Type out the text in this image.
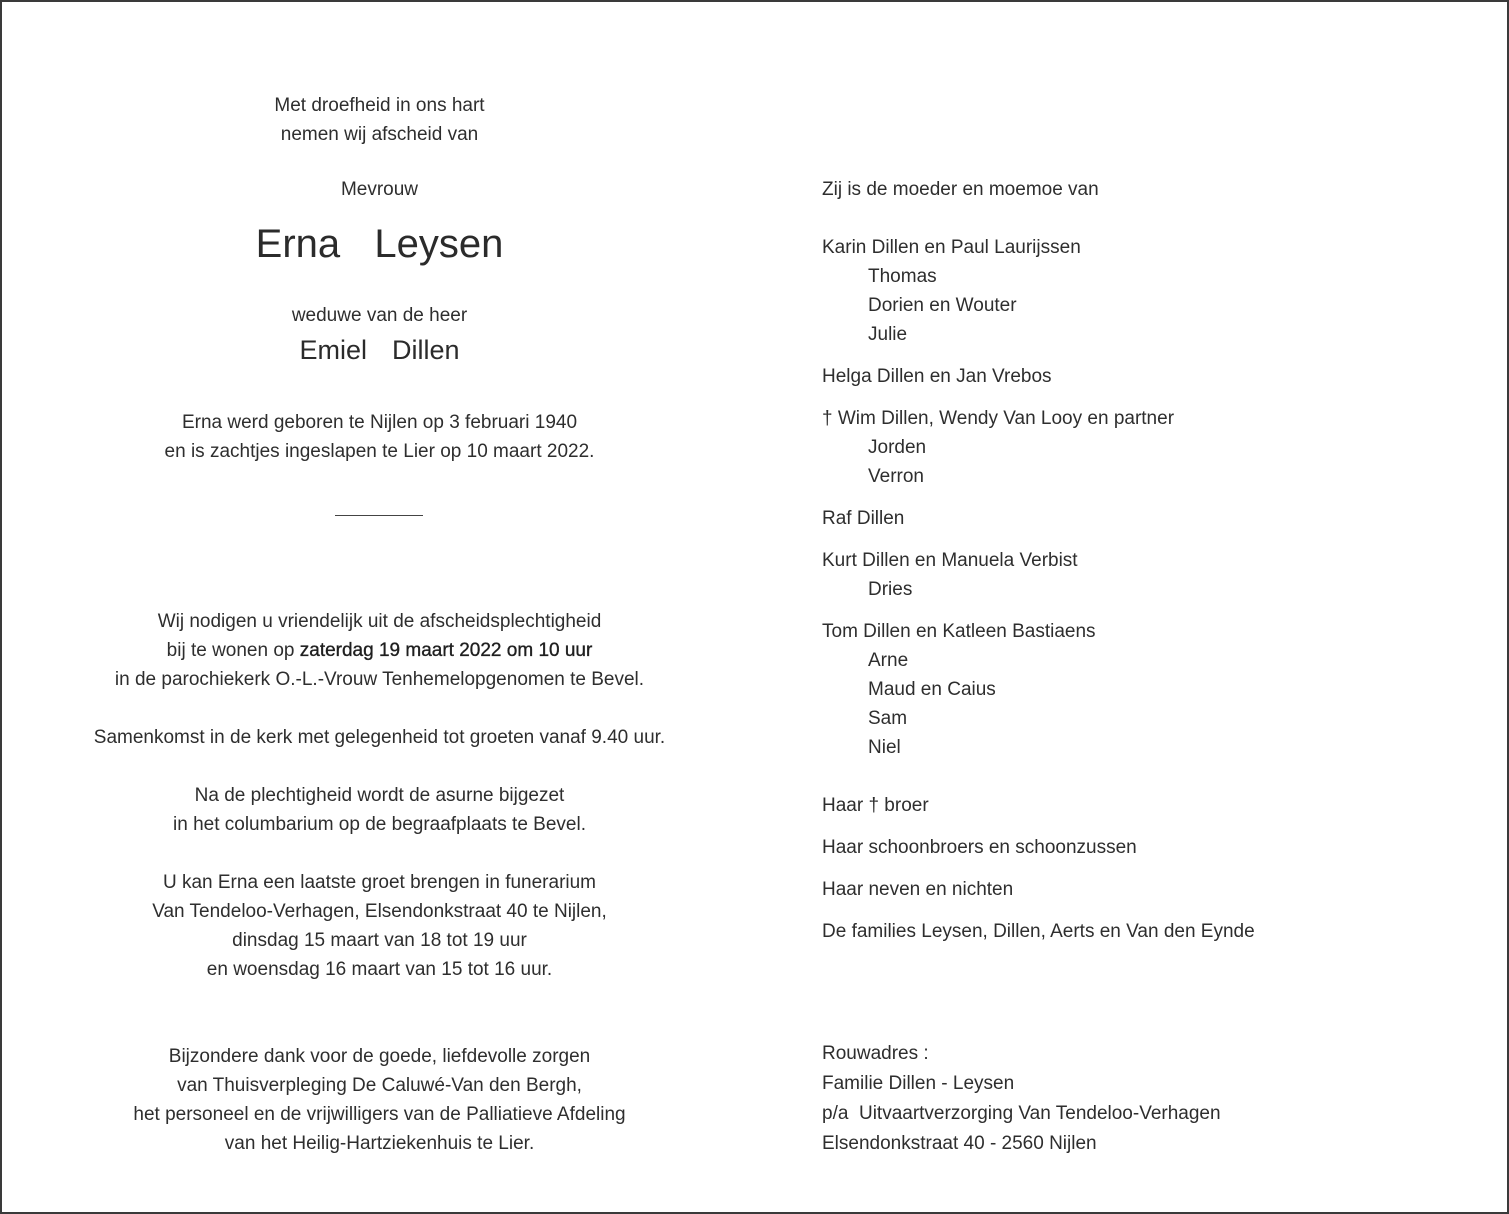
Met droefheid in ons hart
nemen wij afscheid van
Mevrouw
Erna  Leysen
weduwe van de heer
Emiel  Dillen
Erna werd geboren te Nijlen op 3 februari 1940
en is zachtjes ingeslapen te Lier op 10 maart 2022.
Wij nodigen u vriendelijk uit de afscheidsplechtigheid
bij te wonen op zaterdag 19 maart 2022 om 10 uur
in de parochiekerk O.-L.-Vrouw Tenhemelopgenomen te Bevel.
Samenkomst in de kerk met gelegenheid tot groeten vanaf 9.40 uur.
Na de plechtigheid wordt de asurne bijgezet
in het columbarium op de begraafplaats te Bevel.
U kan Erna een laatste groet brengen in funerarium
Van Tendeloo-Verhagen, Elsendonkstraat 40 te Nijlen,
dinsdag 15 maart van 18 tot 19 uur
en woensdag 16 maart van 15 tot 16 uur.
Bijzondere dank voor de goede, liefdevolle zorgen
van Thuisverpleging De Caluwé-Van den Bergh,
het personeel en de vrijwilligers van de Palliatieve Afdeling
van het Heilig-Hartziekenhuis te Lier.
Zij is de moeder en moemoe van
Karin Dillen en Paul Laurijssen
Thomas
Dorien en Wouter
Julie
Helga Dillen en Jan Vrebos
† Wim Dillen, Wendy Van Looy en partner
Jorden
Verron
Raf Dillen
Kurt Dillen en Manuela Verbist
Dries
Tom Dillen en Katleen Bastiaens
Arne
Maud en Caius
Sam
Niel
Haar † broer
Haar schoonbroers en schoonzussen
Haar neven en nichten
De families Leysen, Dillen, Aerts en Van den Eynde
Rouwadres :
Familie Dillen - Leysen
p/a  Uitvaartverzorging Van Tendeloo-Verhagen
Elsendonkstraat 40 - 2560 Nijlen
